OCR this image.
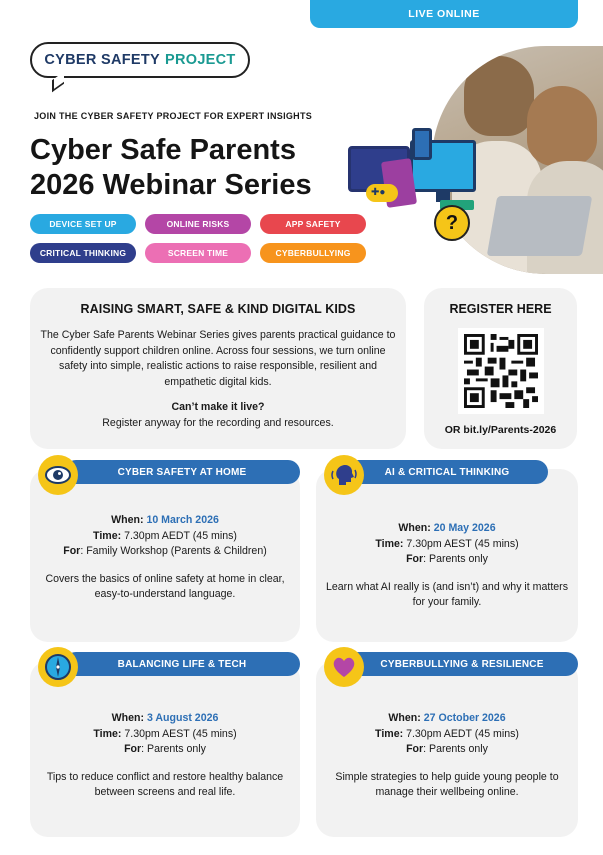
LIVE ONLINE
CYBER SAFETY PROJECT
JOIN THE CYBER SAFETY PROJECT FOR EXPERT INSIGHTS
Cyber Safe Parents
2026 Webinar Series	✚●
?
DEVICE SET UP	ONLINE RISKS	APP SAFETY
CRITICAL THINKING	SCREEN TIME	CYBERBULLYING
RAISING SMART, SAFE & KIND DIGITAL KIDS

The Cyber Safe Parents Webinar Series gives parents practical guidance to confidently support children online. Across four sessions, we turn online safety into simple, realistic actions to raise responsible, resilient and empathetic digital kids.

Can’t make it live?

Register anyway for the recording and resources.

REGISTER HERE
OR bit.ly/Parents-2026
When: 10 March 2026
Time: 7.30pm AEDT (45 mins)
For: Family Workshop (Parents & Children)
Covers the basics of online safety at home in clear, easy-to-understand language.
CYBER SAFETY AT HOME
When: 20 May 2026
Time: 7.30pm AEST (45 mins)
For: Parents only
Learn what AI really is (and isn’t) and why it matters for your family.
AI & CRITICAL THINKING
When: 3 August 2026
Time: 7.30pm AEST (45 mins)
For: Parents only
Tips to reduce conflict and restore healthy balance between screens and real life.
BALANCING LIFE & TECH
When: 27 October 2026
Time: 7.30pm AEDT (45 mins)
For: Parents only
Simple strategies to help guide young people to manage their wellbeing online.
CYBERBULLYING & RESILIENCE
